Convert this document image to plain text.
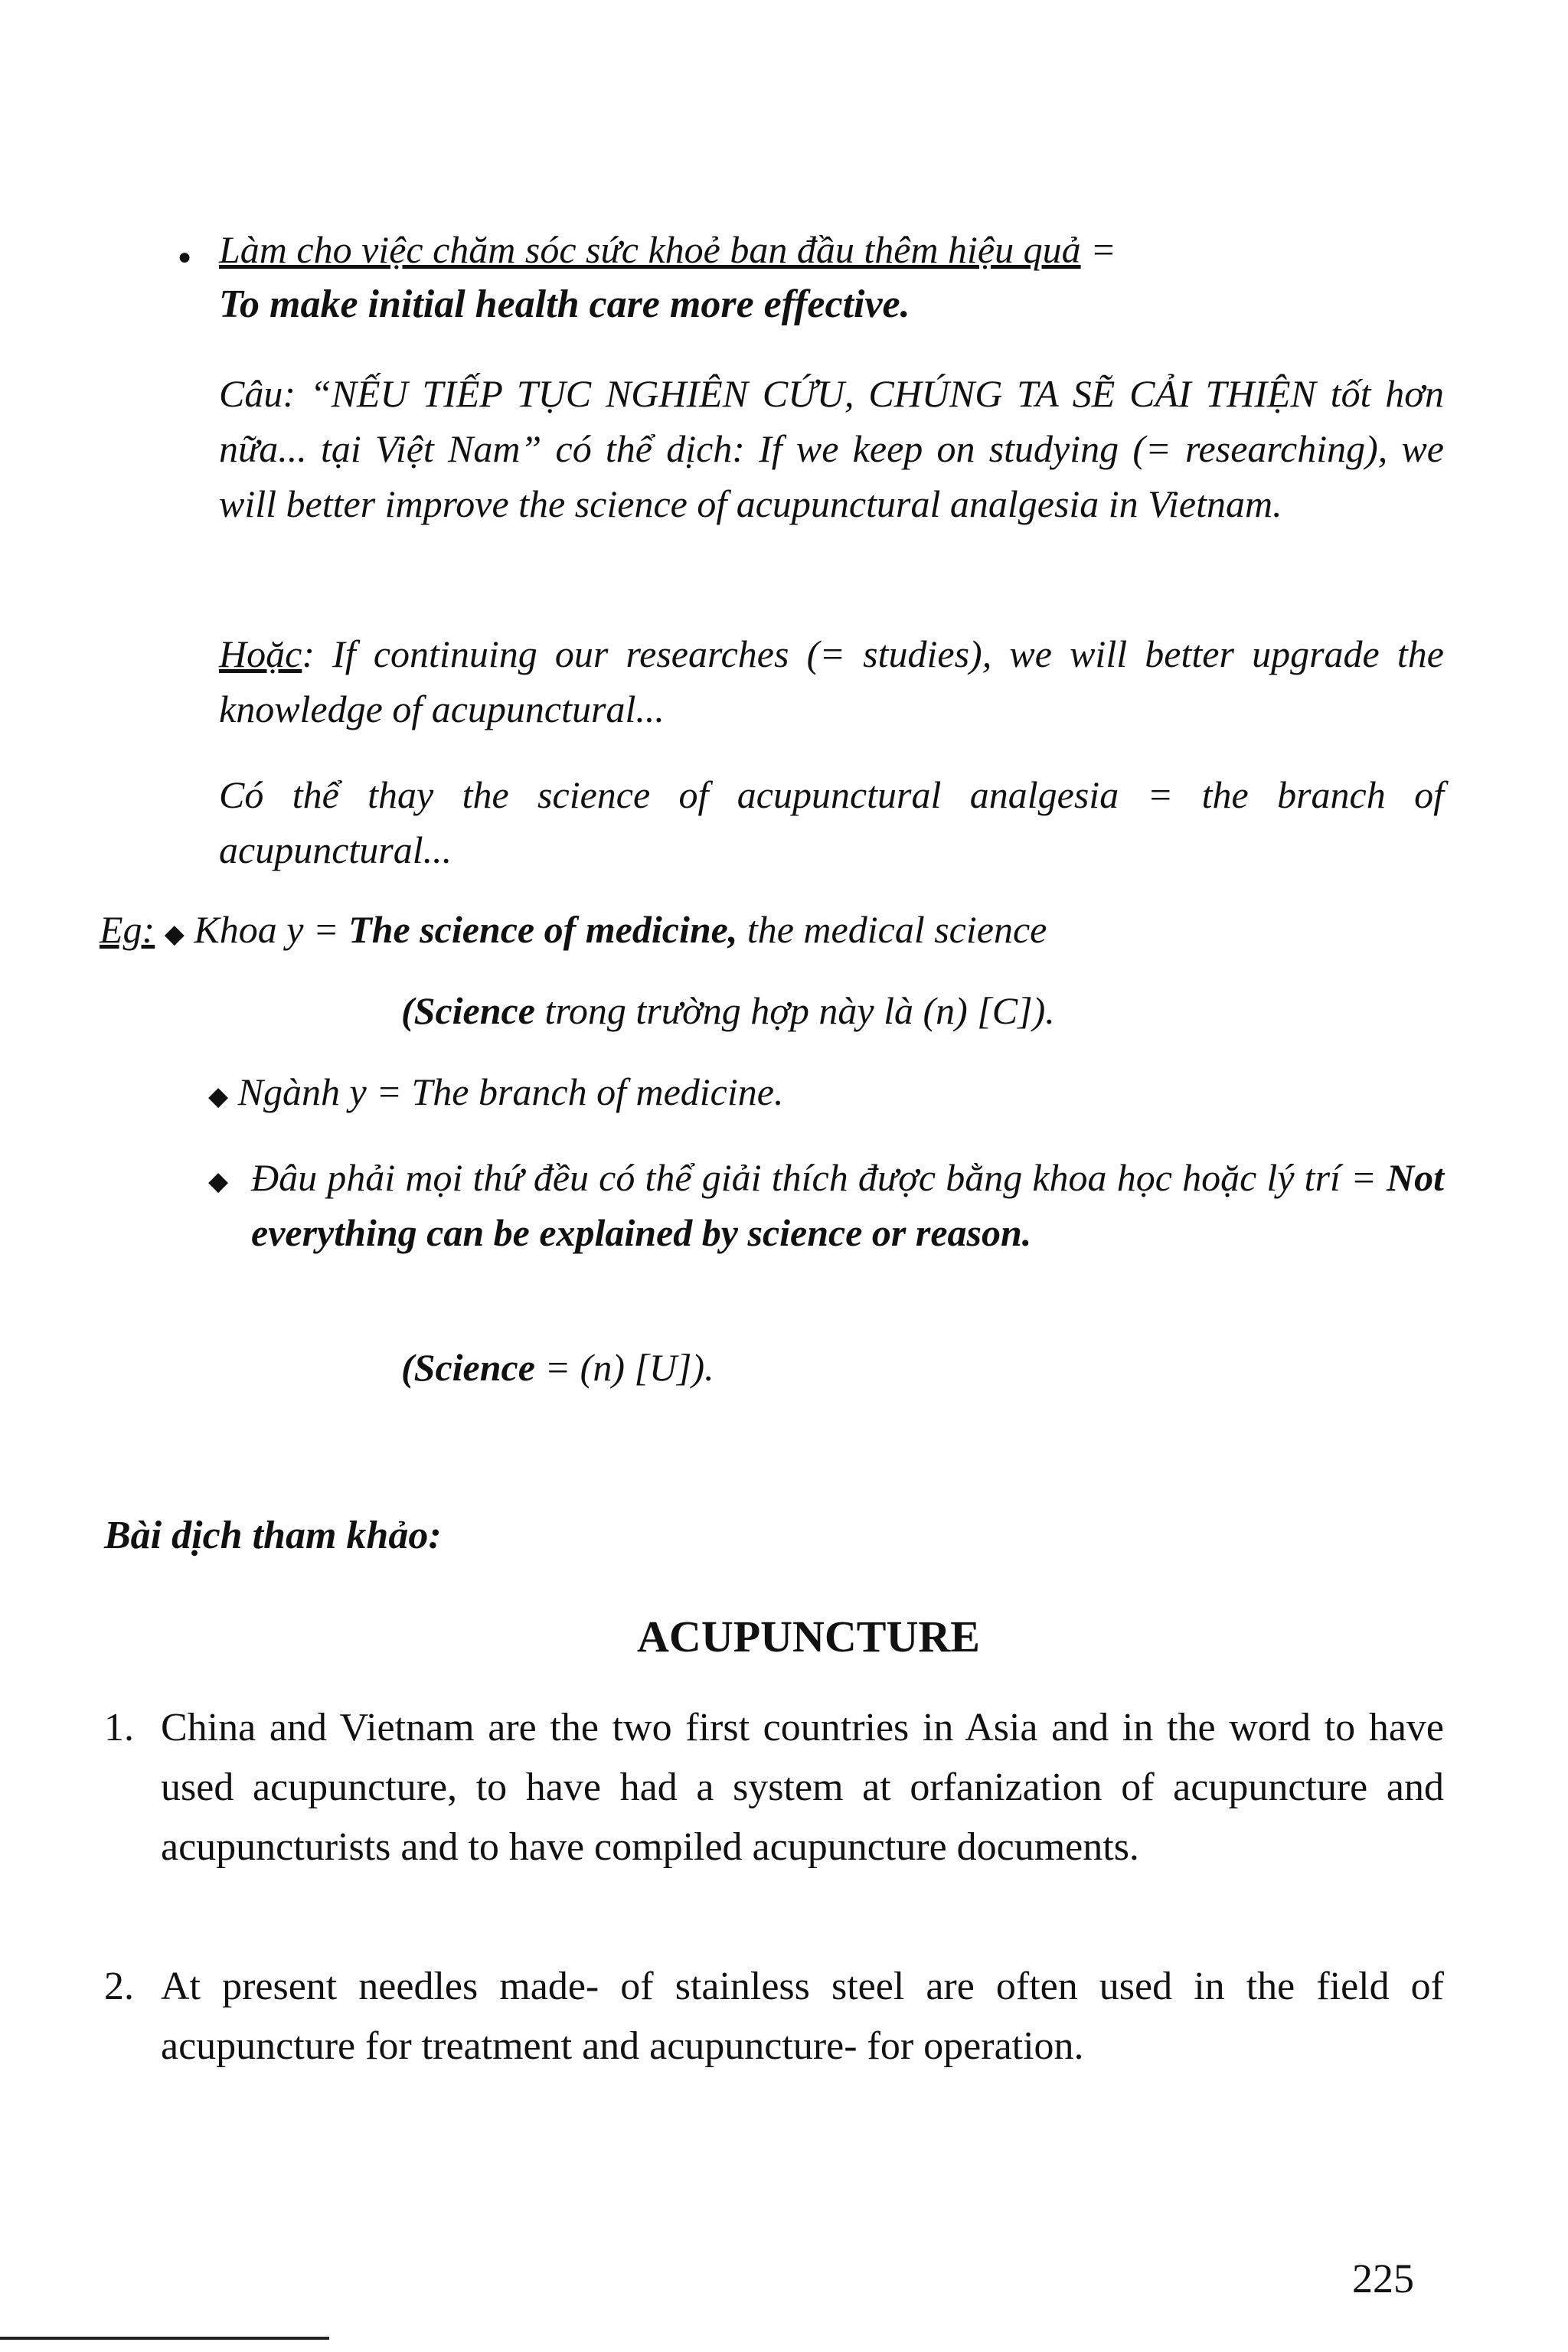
● Làm cho việc chăm sóc sức khoẻ ban đầu thêm hiệu quả =
To make initial health care more effective.
Câu: “NẾU TIẾP TỤC NGHIÊN CỨU, CHÚNG TA SẼ CẢI THIỆN tốt hơn nữa... tại Việt Nam” có thể dịch: If we keep on studying (= researching), we will better improve the science of acupunctural analgesia in Vietnam.
Hoặc: If continuing our researches (= studies), we will better upgrade the knowledge of acupunctural...
Có thể thay the science of acupunctural analgesia = the branch of acupunctural...
Eg: ◆ Khoa y = The science of medicine, the medical science
(Science trong trường hợp này là (n) [C]).
◆ Ngành y = The branch of medicine.
◆ Đâu phải mọi thứ đều có thể giải thích được bằng khoa học hoặc lý trí = Not everything can be explained by science or reason.
(Science = (n) [U]).
Bài dịch tham khảo:
ACUPUNCTURE
1. China and Vietnam are the two first countries in Asia and in the word to have used acupuncture, to have had a system at orfanization of acupuncture and acupuncturists and to have compiled acupuncture documents.
2. At present needles made- of stainless steel are often used in the field of acupuncture for treatment and acupuncture- for operation.
225
